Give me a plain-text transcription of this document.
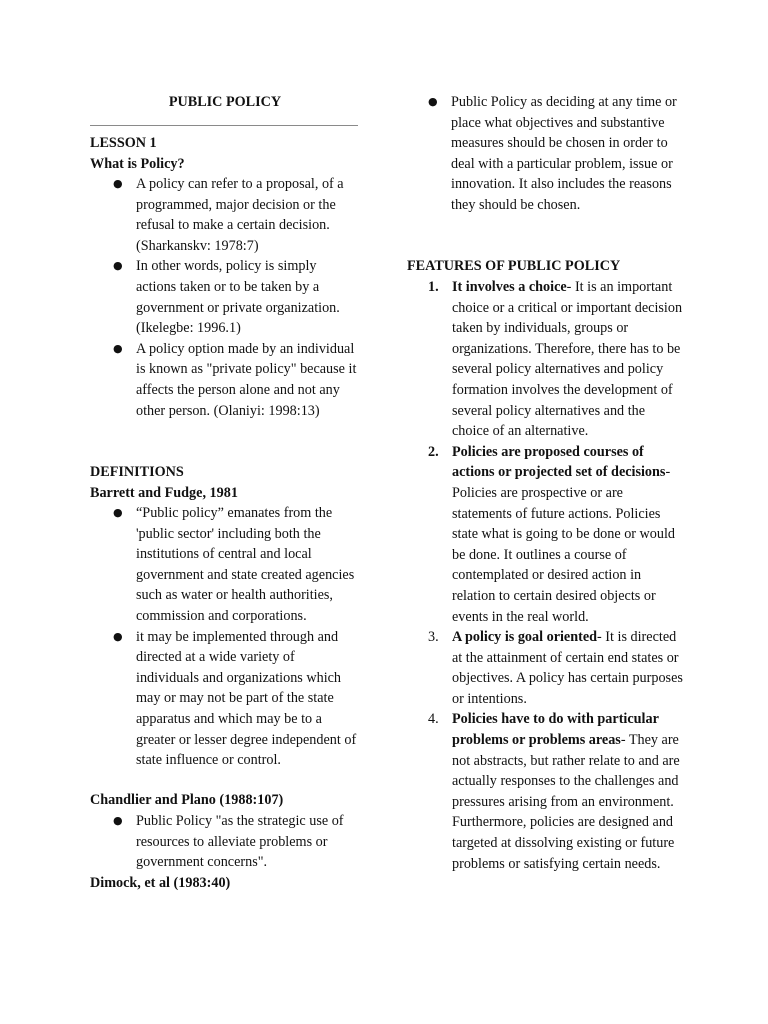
PUBLIC POLICY
LESSON 1
What is Policy?
● A policy can refer to a proposal, of a programmed, major decision or the refusal to make a certain decision. (Sharkanskv: 1978:7)
● In other words, policy is simply actions taken or to be taken by a government or private organization. (Ikelegbe: 1996.1)
● A policy option made by an individual is known as "private policy" because it affects the person alone and not any other person. (Olaniyi: 1998:13)
DEFINITIONS
Barrett and Fudge, 1981
● “Public policy” emanates from the 'public sector' including both the institutions of central and local government and state created agencies such as water or health authorities, commission and corporations.
● it may be implemented through and directed at a wide variety of individuals and organizations which may or may not be part of the state apparatus and which may be to a greater or lesser degree independent of state influence or control.
Chandlier and Plano (1988:107)
● Public Policy "as the strategic use of resources to alleviate problems or government concerns".
Dimock, et al (1983:40)
● Public Policy as deciding at any time or place what objectives and substantive measures should be chosen in order to deal with a particular problem, issue or innovation. It also includes the reasons they should be chosen.
FEATURES OF PUBLIC POLICY
1. It involves a choice- It is an important choice or a critical or important decision taken by individuals, groups or organizations. Therefore, there has to be several policy alternatives and policy formation involves the development of several policy alternatives and the choice of an alternative.
2. Policies are proposed courses of actions or projected set of decisions- Policies are prospective or are statements of future actions. Policies state what is going to be done or would be done. It outlines a course of contemplated or desired action in relation to certain desired objects or events in the real world.
3. A policy is goal oriented- It is directed at the attainment of certain end states or objectives. A policy has certain purposes or intentions.
4. Policies have to do with particular problems or problems areas- They are not abstracts, but rather relate to and are actually responses to the challenges and pressures arising from an environment. Furthermore, policies are designed and targeted at dissolving existing or future problems or satisfying certain needs.
